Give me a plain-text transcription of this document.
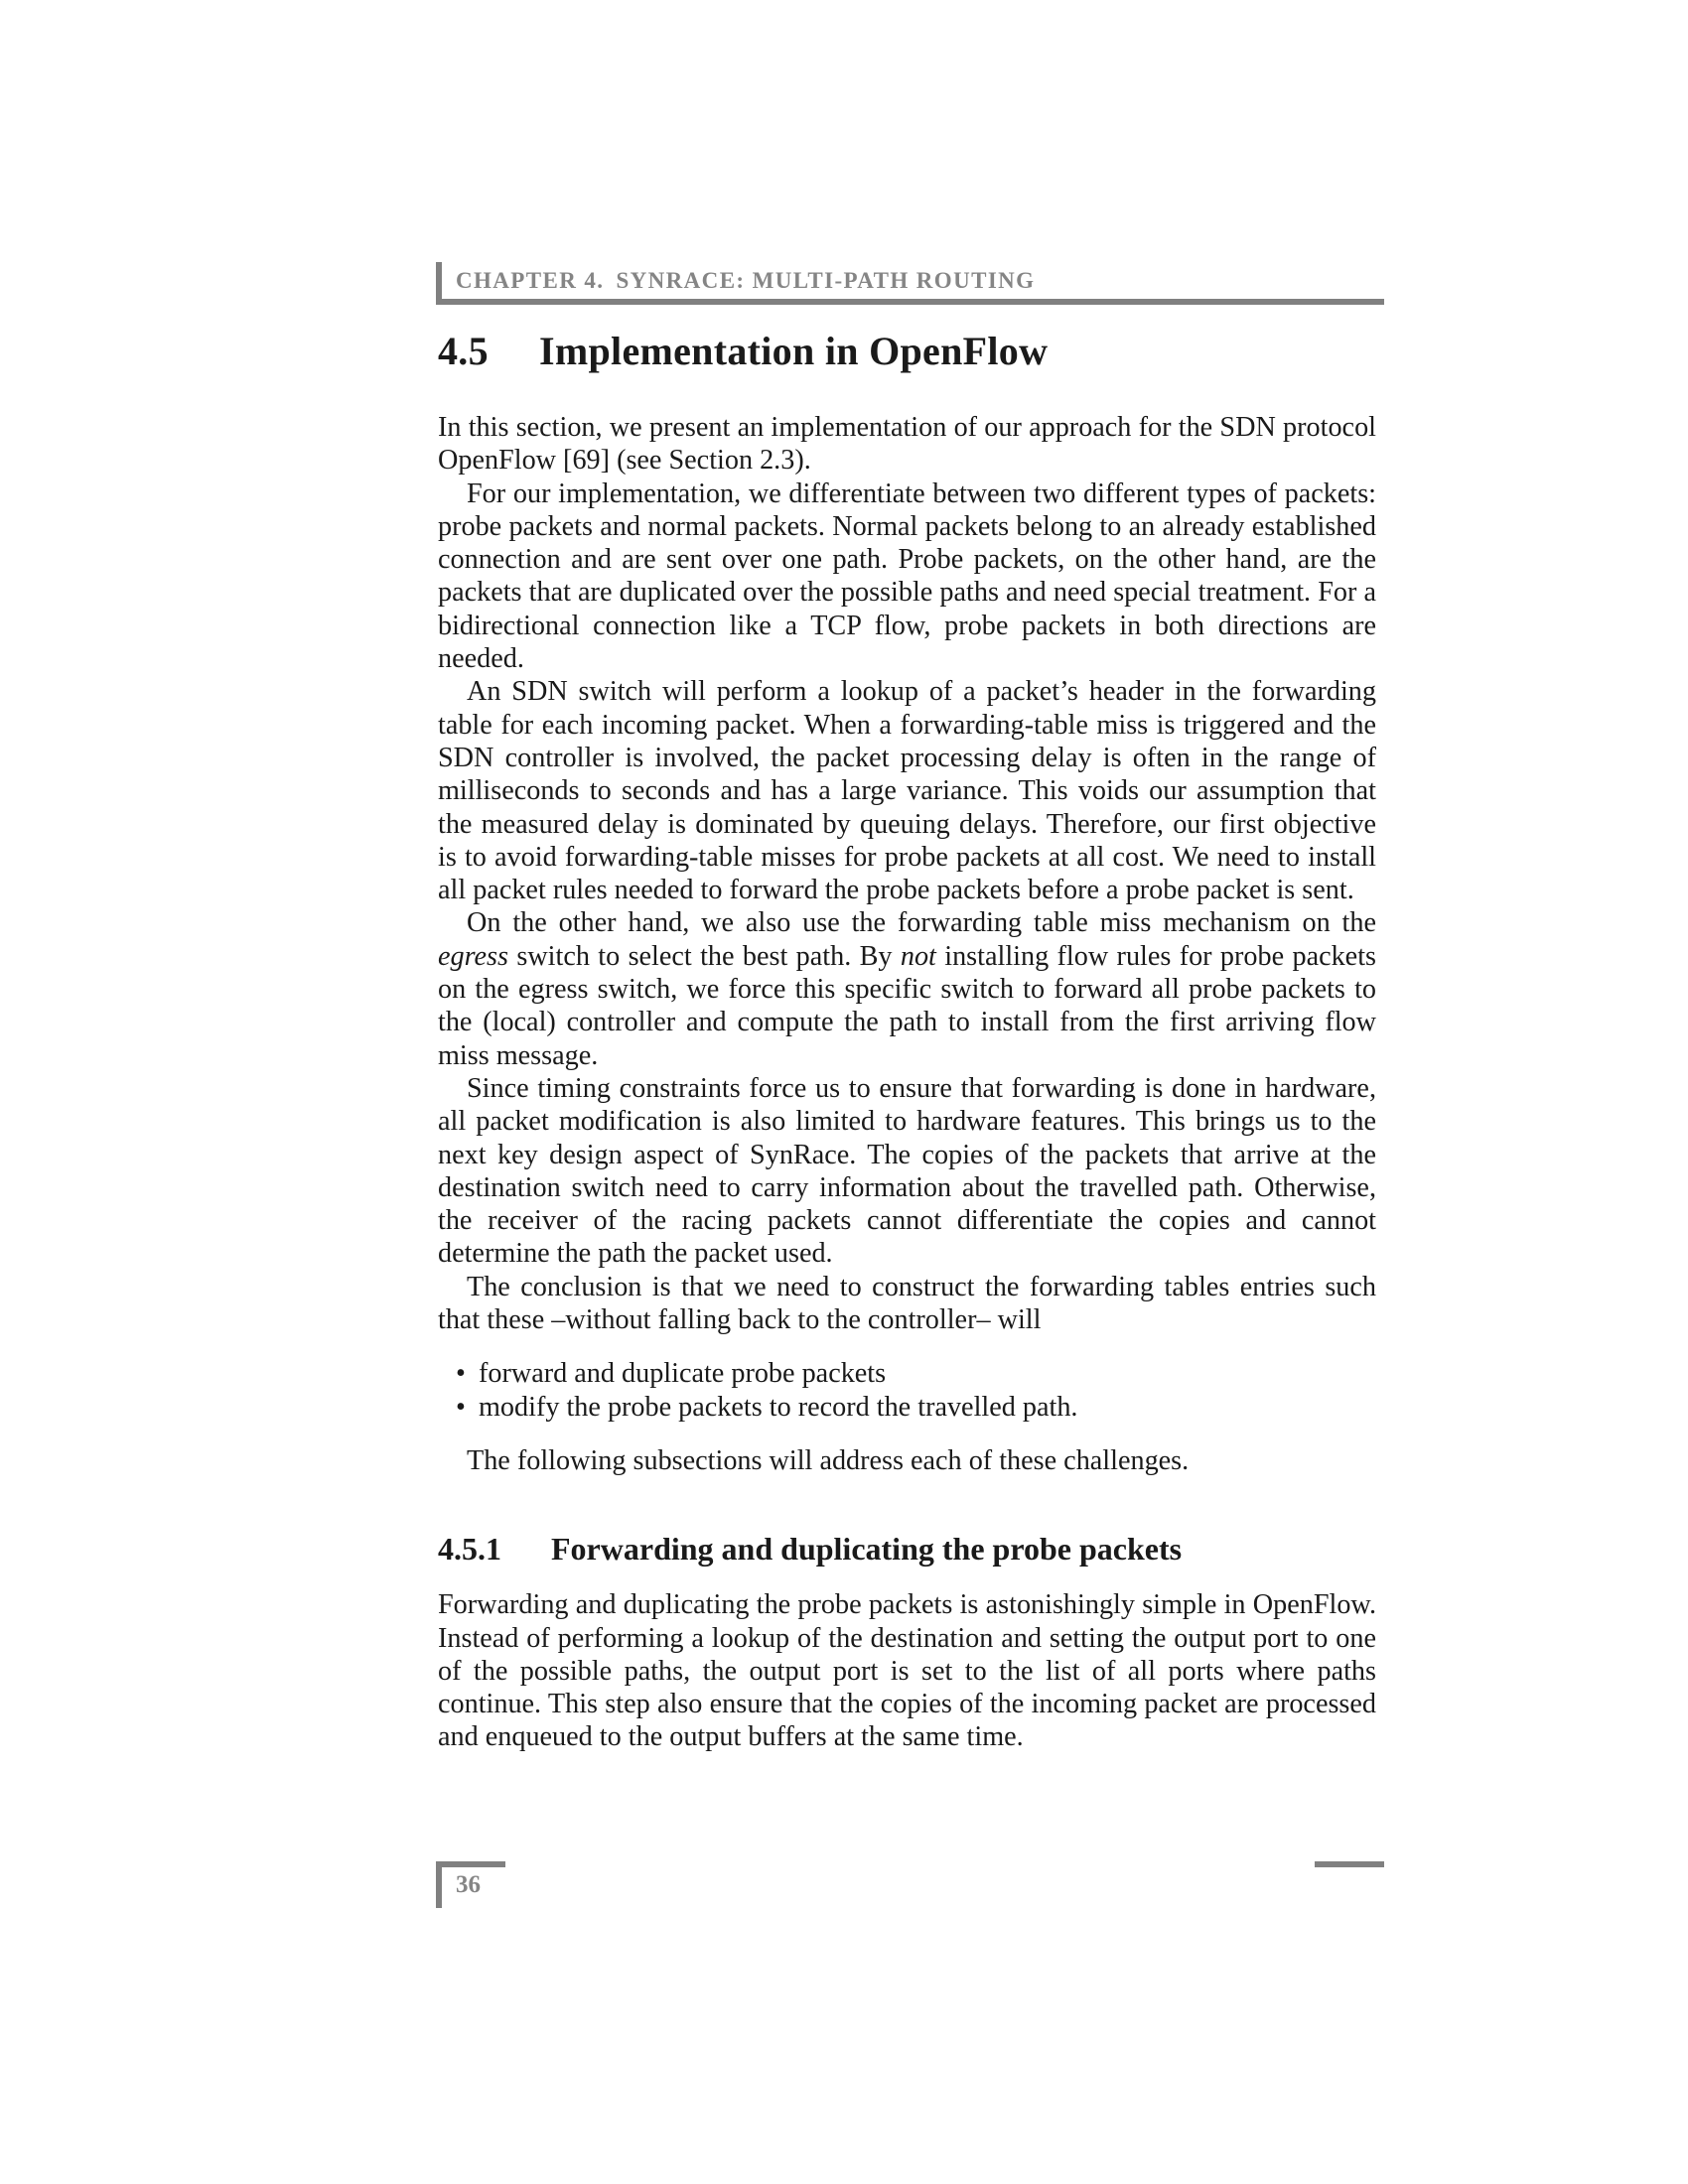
CHAPTER 4. SYNRACE: MULTI-PATH ROUTING
4.5 Implementation in OpenFlow

In this section, we present an implementation of our approach for the SDN protocol OpenFlow [69] (see Section 2.3).

For our implementation, we differentiate between two different types of packets: probe packets and normal packets. Normal packets belong to an already established connection and are sent over one path. Probe packets, on the other hand, are the packets that are duplicated over the possible paths and need special treatment. For a bidirectional connection like a TCP flow, probe packets in both directions are needed.

An SDN switch will perform a lookup of a packet’s header in the forwarding table for each incoming packet. When a forwarding-table miss is triggered and the SDN controller is involved, the packet processing delay is often in the range of milliseconds to seconds and has a large variance. This voids our assumption that the measured delay is dominated by queuing delays. Therefore, our first objective is to avoid forwarding-table misses for probe packets at all cost. We need to install all packet rules needed to forward the probe packets before a probe packet is sent.

On the other hand, we also use the forwarding table miss mechanism on the egress switch to select the best path. By not installing flow rules for probe packets on the egress switch, we force this specific switch to forward all probe packets to the (local) controller and compute the path to install from the first arriving flow miss message.

Since timing constraints force us to ensure that forwarding is done in hardware, all packet modification is also limited to hardware features. This brings us to the next key design aspect of SynRace. The copies of the packets that arrive at the destination switch need to carry information about the travelled path. Otherwise, the receiver of the racing packets cannot differentiate the copies and cannot determine the path the packet used.

The conclusion is that we need to construct the forwarding tables entries such that these –without falling back to the controller– will

• forward and duplicate probe packets
• modify the probe packets to record the travelled path.

The following subsections will address each of these challenges.

4.5.1 Forwarding and duplicating the probe packets

Forwarding and duplicating the probe packets is astonishingly simple in OpenFlow. Instead of performing a lookup of the destination and setting the output port to one of the possible paths, the output port is set to the list of all ports where paths continue. This step also ensure that the copies of the incoming packet are processed and enqueued to the output buffers at the same time.

36
